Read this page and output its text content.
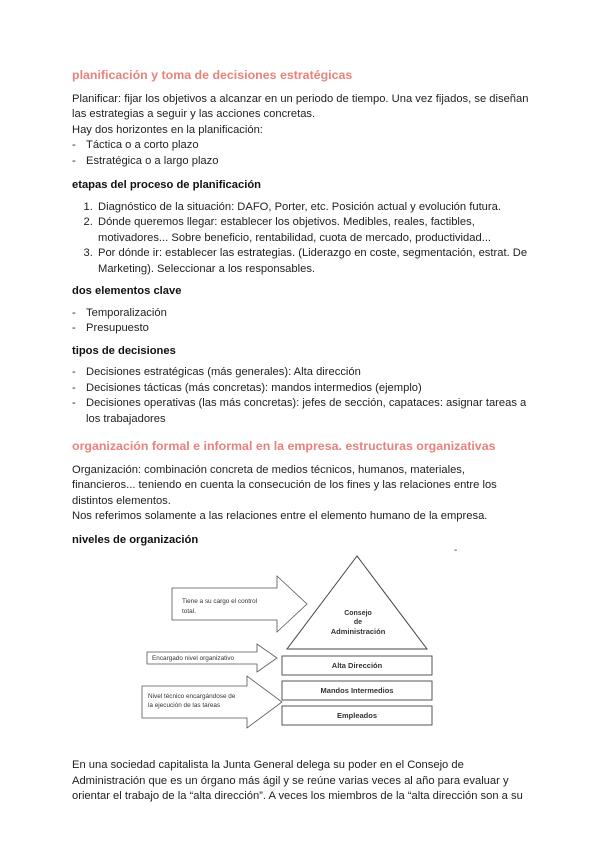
planificación y toma de decisiones estratégicas

Planificar: fijar los objetivos a alcanzar en un periodo de tiempo. Una vez fijados, se diseñan

las estrategias a seguir y las acciones concretas.

Hay dos horizontes en la planificación:

- Táctica o a corto plazo
- Estratégica o a largo plazo
etapas del proceso de planificación
1. Diagnóstico de la situación: DAFO, Porter, etc. Posición actual y evolución futura.
2. Dónde queremos llegar: establecer los objetivos. Medibles, reales, factibles, motivadores... Sobre beneficio, rentabilidad, cuota de mercado, productividad...
3. Por dónde ir: establecer las estrategias. (Liderazgo en coste, segmentación, estrat. De Marketing). Seleccionar a los responsables.
dos elementos clave
- Temporalización
- Presupuesto
tipos de decisiones
- Decisiones estratégicas (más generales): Alta dirección
- Decisiones tácticas (más concretas): mandos intermedios (ejemplo)
- Decisiones operativas (las más concretas): jefes de sección, capataces: asignar tareas a los trabajadores
organización formal e informal en la empresa. estructuras organizativas

Organización: combinación concreta de medios técnicos, humanos, materiales,

financieros... teniendo en cuenta la consecución de los fines y las relaciones entre los

distintos elementos.

Nos referimos solamente a las relaciones entre el elemento humano de la empresa.

niveles de organización
-
Tiene a su cargo el control
total.
Encargado nivel organizativo
Nivel técnico encargándose de
la ejecución de las tareas
Consejo
de
Administración
Alta Dirección
Mandos Intermedios
Empleados

En una sociedad capitalista la Junta General delega su poder en el Consejo de

Administración que es un órgano más ágil y se reúne varias veces al año para evaluar y

orientar el trabajo de la “alta dirección”. A veces los miembros de la “alta dirección son a su
